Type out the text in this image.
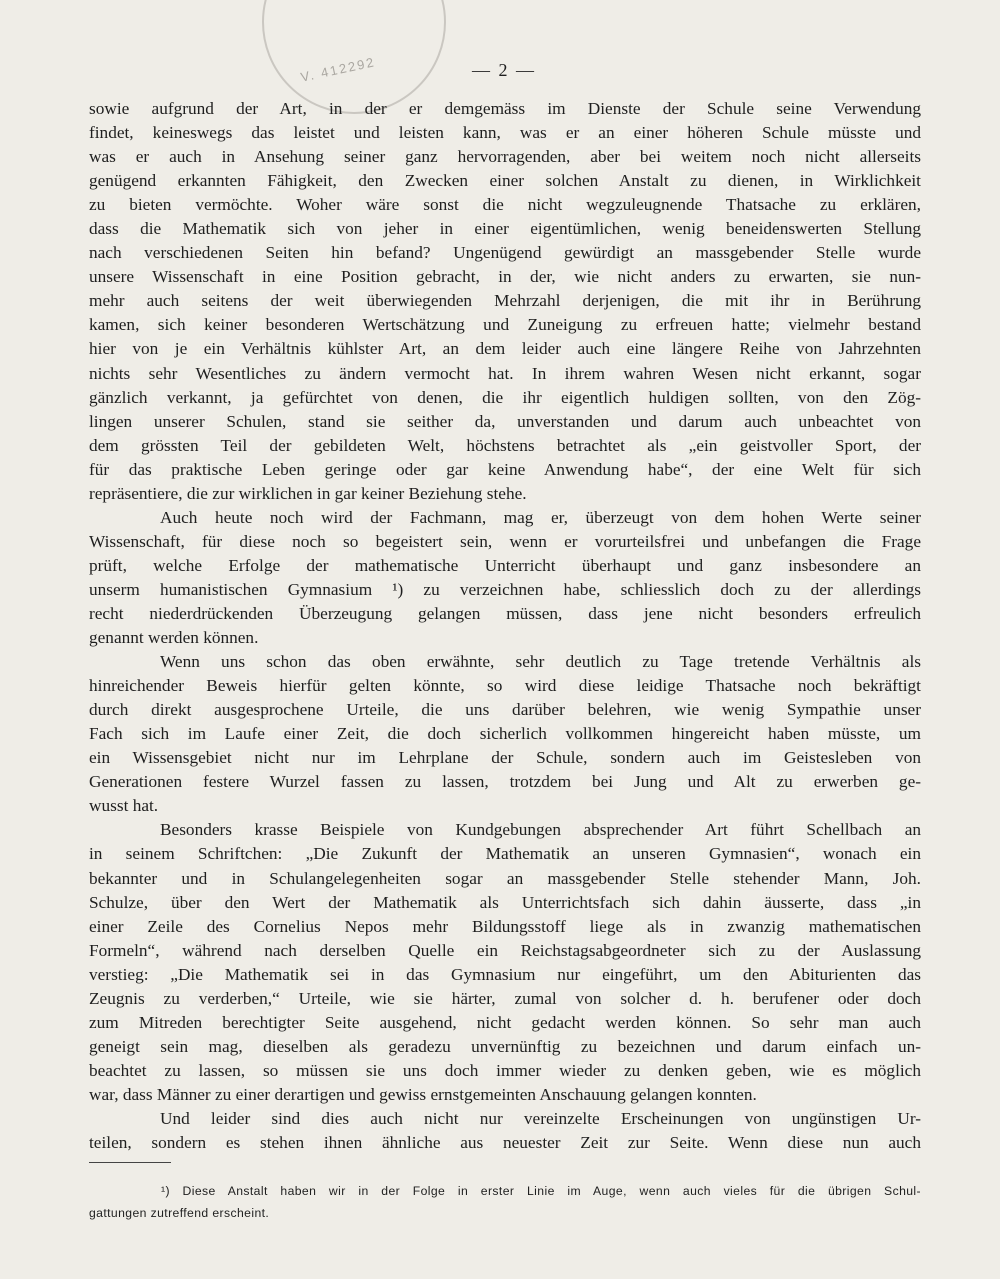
V. 412292	— 2 —

sowie aufgrund der Art, in der er demgemäss im Dienste der Schule seine Verwendung

findet, keineswegs das leistet und leisten kann, was er an einer höheren Schule müsste und

was er auch in Ansehung seiner ganz hervorragenden, aber bei weitem noch nicht allerseits

genügend erkannten Fähigkeit, den Zwecken einer solchen Anstalt zu dienen, in Wirklichkeit

zu bieten vermöchte. Woher wäre sonst die nicht wegzuleugnende Thatsache zu erklären,

dass die Mathematik sich von jeher in einer eigentümlichen, wenig beneidenswerten Stellung

nach verschiedenen Seiten hin befand? Ungenügend gewürdigt an massgebender Stelle wurde

unsere Wissenschaft in eine Position gebracht, in der, wie nicht anders zu erwarten, sie nun-

mehr auch seitens der weit überwiegenden Mehrzahl derjenigen, die mit ihr in Berührung

kamen, sich keiner besonderen Wertschätzung und Zuneigung zu erfreuen hatte; vielmehr bestand

hier von je ein Verhältnis kühlster Art, an dem leider auch eine längere Reihe von Jahrzehnten

nichts sehr Wesentliches zu ändern vermocht hat. In ihrem wahren Wesen nicht erkannt, sogar

gänzlich verkannt, ja gefürchtet von denen, die ihr eigentlich huldigen sollten, von den Zög-

lingen unserer Schulen, stand sie seither da, unverstanden und darum auch unbeachtet von

dem grössten Teil der gebildeten Welt, höchstens betrachtet als „ein geistvoller Sport, der

für das praktische Leben geringe oder gar keine Anwendung habe“, der eine Welt für sich

repräsentiere, die zur wirklichen in gar keiner Beziehung stehe.

Auch heute noch wird der Fachmann, mag er, überzeugt von dem hohen Werte seiner

Wissenschaft, für diese noch so begeistert sein, wenn er vorurteilsfrei und unbefangen die Frage

prüft, welche Erfolge der mathematische Unterricht überhaupt und ganz insbesondere an

unserm humanistischen Gymnasium ¹) zu verzeichnen habe, schliesslich doch zu der allerdings

recht niederdrückenden Überzeugung gelangen müssen, dass jene nicht besonders erfreulich

genannt werden können.

Wenn uns schon das oben erwähnte, sehr deutlich zu Tage tretende Verhältnis als

hinreichender Beweis hierfür gelten könnte, so wird diese leidige Thatsache noch bekräftigt

durch direkt ausgesprochene Urteile, die uns darüber belehren, wie wenig Sympathie unser

Fach sich im Laufe einer Zeit, die doch sicherlich vollkommen hingereicht haben müsste, um

ein Wissensgebiet nicht nur im Lehrplane der Schule, sondern auch im Geistesleben von

Generationen festere Wurzel fassen zu lassen, trotzdem bei Jung und Alt zu erwerben ge-

wusst hat.

Besonders krasse Beispiele von Kundgebungen absprechender Art führt Schellbach an

in seinem Schriftchen: „Die Zukunft der Mathematik an unseren Gymnasien“, wonach ein

bekannter und in Schulangelegenheiten sogar an massgebender Stelle stehender Mann, Joh.

Schulze, über den Wert der Mathematik als Unterrichtsfach sich dahin äusserte, dass „in

einer Zeile des Cornelius Nepos mehr Bildungsstoff liege als in zwanzig mathematischen

Formeln“, während nach derselben Quelle ein Reichstagsabgeordneter sich zu der Auslassung

verstieg: „Die Mathematik sei in das Gymnasium nur eingeführt, um den Abiturienten das

Zeugnis zu verderben,“ Urteile, wie sie härter, zumal von solcher d. h. berufener oder doch

zum Mitreden berechtigter Seite ausgehend, nicht gedacht werden können. So sehr man auch

geneigt sein mag, dieselben als geradezu unvernünftig zu bezeichnen und darum einfach un-

beachtet zu lassen, so müssen sie uns doch immer wieder zu denken geben, wie es möglich

war, dass Männer zu einer derartigen und gewiss ernstgemeinten Anschauung gelangen konnten.

Und leider sind dies auch nicht nur vereinzelte Erscheinungen von ungünstigen Ur-

teilen, sondern es stehen ihnen ähnliche aus neuester Zeit zur Seite. Wenn diese nun auch

¹) Diese Anstalt haben wir in der Folge in erster Linie im Auge, wenn auch vieles für die übrigen Schul-

gattungen zutreffend erscheint.
